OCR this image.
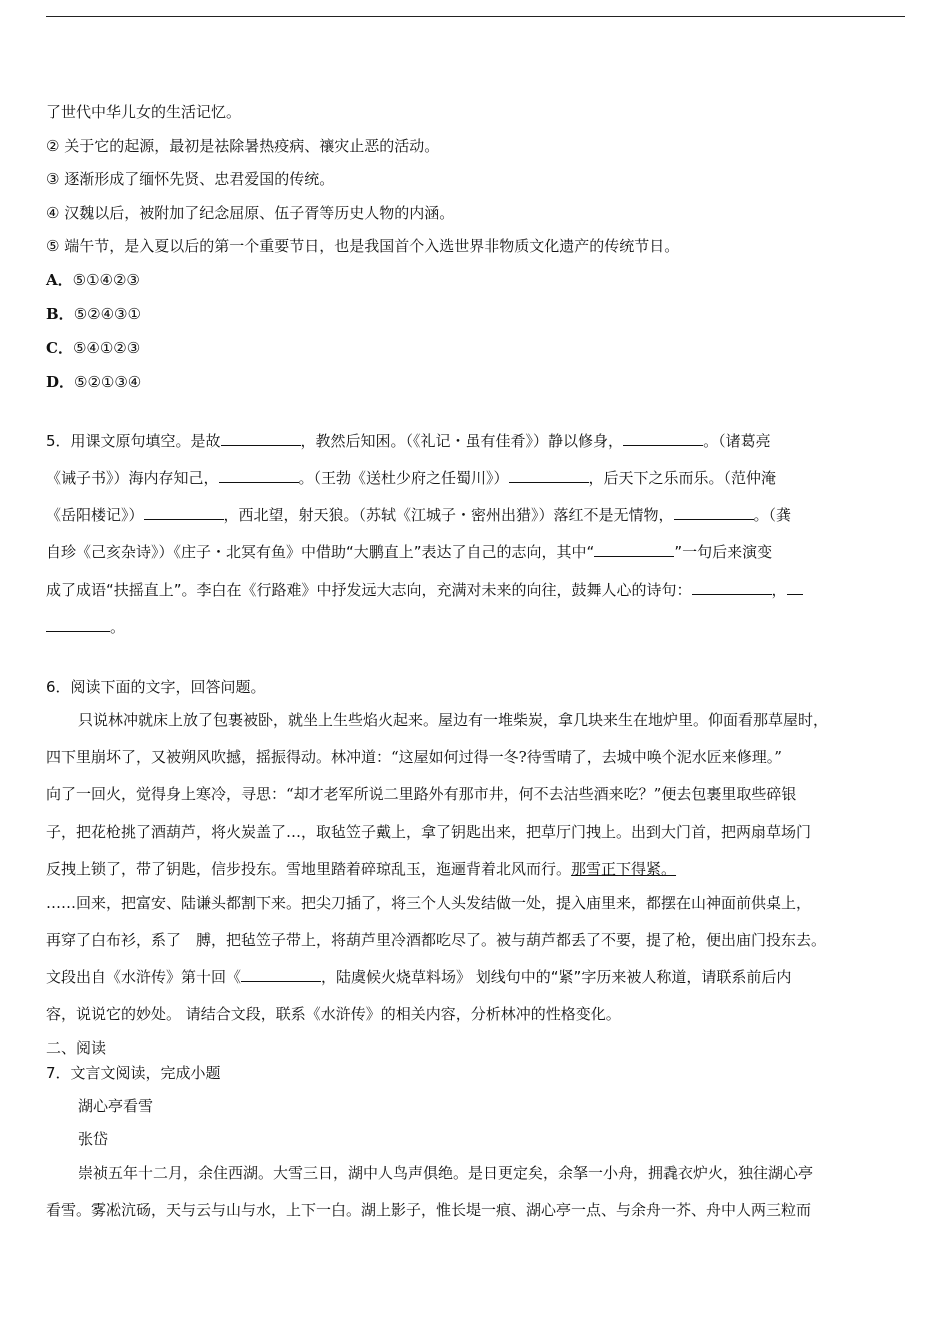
了世代中华儿女的生活记忆。
② 关于它的起源，最初是祛除暑热疫病、禳灾止恶的活动。
③ 逐渐形成了缅怀先贤、忠君爱国的传统。
④ 汉魏以后，被附加了纪念屈原、伍子胥等历史人物的内涵。
⑤ 端午节，是入夏以后的第一个重要节日，也是我国首个入选世界非物质文化遗产的传统节日。
A．⑤①④②③
B．⑤②④③①
C．⑤④①②③
D．⑤②①③④
5．用课文原句填空。是故	，教然后知困。（《礼记・虽有佳肴》）静以修身，	。（诸葛亮
《诫子书》）海内存知己，	。（王勃《送杜少府之任蜀川》）	，后天下之乐而乐。（范仲淹
《岳阳楼记》）	，西北望，射天狼。（苏轼《江城子・密州出猎》）落红不是无情物，	。（龚
自珍《己亥杂诗》）《庄子・北冥有鱼》中借助“大鹏直上”表达了自己的志向，其中“	”一句后来演变
成了成语“扶摇直上”。李白在《行路难》中抒发远大志向，充满对未来的向往，鼓舞人心的诗句：	，
。
6．阅读下面的文字，回答问题。
只说林冲就床上放了包裹被卧，就坐上生些焰火起来。屋边有一堆柴炭，拿几块来生在地炉里。仰面看那草屋时，
四下里崩坏了，又被朔风吹撼，摇振得动。林冲道：“这屋如何过得一冬?待雪晴了，去城中唤个泥水匠来修理。”
向了一回火，觉得身上寒冷，寻思：“却才老军所说二里路外有那市井，何不去沽些酒来吃？”便去包裹里取些碎银
子，把花枪挑了酒葫芦，将火炭盖了…，取毡笠子戴上，拿了钥匙出来，把草厅门拽上。出到大门首，把两扇草场门
反拽上锁了，带了钥匙，信步投东。雪地里踏着碎琼乱玉，迤逦背着北风而行。那雪正下得紧。
……回来，把富安、陆谦头都割下来。把尖刀插了，将三个人头发结做一处，提入庙里来，都摆在山神面前供桌上，
再穿了白布衫，系了　膊，把毡笠子带上，将葫芦里冷酒都吃尽了。被与葫芦都丢了不要，提了枪，便出庙门投东去。
文段出自《水浒传》第十回《	，陆虞候火烧草料场》 划线句中的“紧”字历来被人称道，请联系前后内
容，说说它的妙处。 请结合文段，联系《水浒传》的相关内容，分析林冲的性格变化。
二、阅读
7．文言文阅读，完成小题
湖心亭看雪
张岱
崇祯五年十二月，余住西湖。大雪三日，湖中人鸟声俱绝。是日更定矣，余拏一小舟，拥毳衣炉火，独往湖心亭
看雪。雾凇沆砀，天与云与山与水，上下一白。湖上影子，惟长堤一痕、湖心亭一点、与余舟一芥、舟中人两三粒而
